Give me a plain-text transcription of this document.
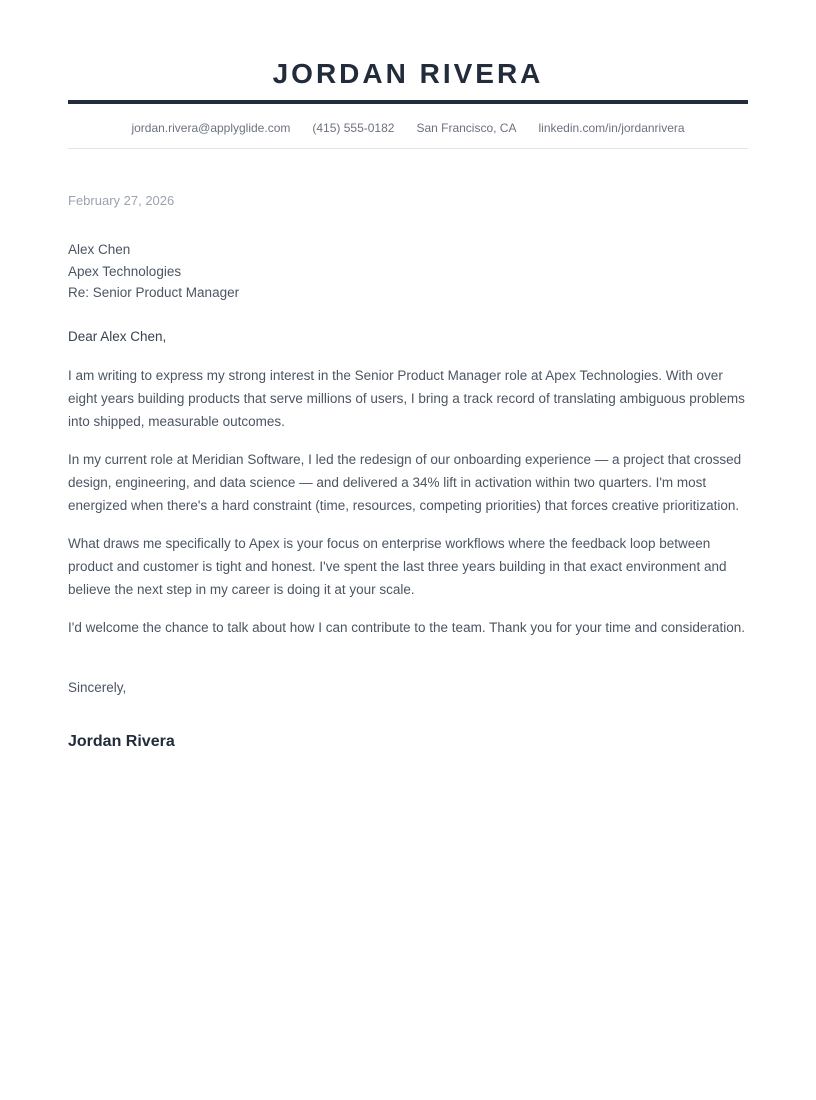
JORDAN RIVERA
jordan.rivera@applyglide.com (415) 555-0182 San Francisco, CA linkedin.com/in/jordanrivera
February 27, 2026
Alex Chen
Apex Technologies
Re: Senior Product Manager
Dear Alex Chen,

I am writing to express my strong interest in the Senior Product Manager role at Apex Technologies. With over eight years building products that serve millions of users, I bring a track record of translating ambiguous problems into shipped, measurable outcomes.

In my current role at Meridian Software, I led the redesign of our onboarding experience — a project that crossed design, engineering, and data science — and delivered a 34% lift in activation within two quarters. I'm most energized when there's a hard constraint (time, resources, competing priorities) that forces creative prioritization.

What draws me specifically to Apex is your focus on enterprise workflows where the feedback loop between product and customer is tight and honest. I've spent the last three years building in that exact environment and believe the next step in my career is doing it at your scale.

I'd welcome the chance to talk about how I can contribute to the team. Thank you for your time and consideration.

Sincerely,
Jordan Rivera
